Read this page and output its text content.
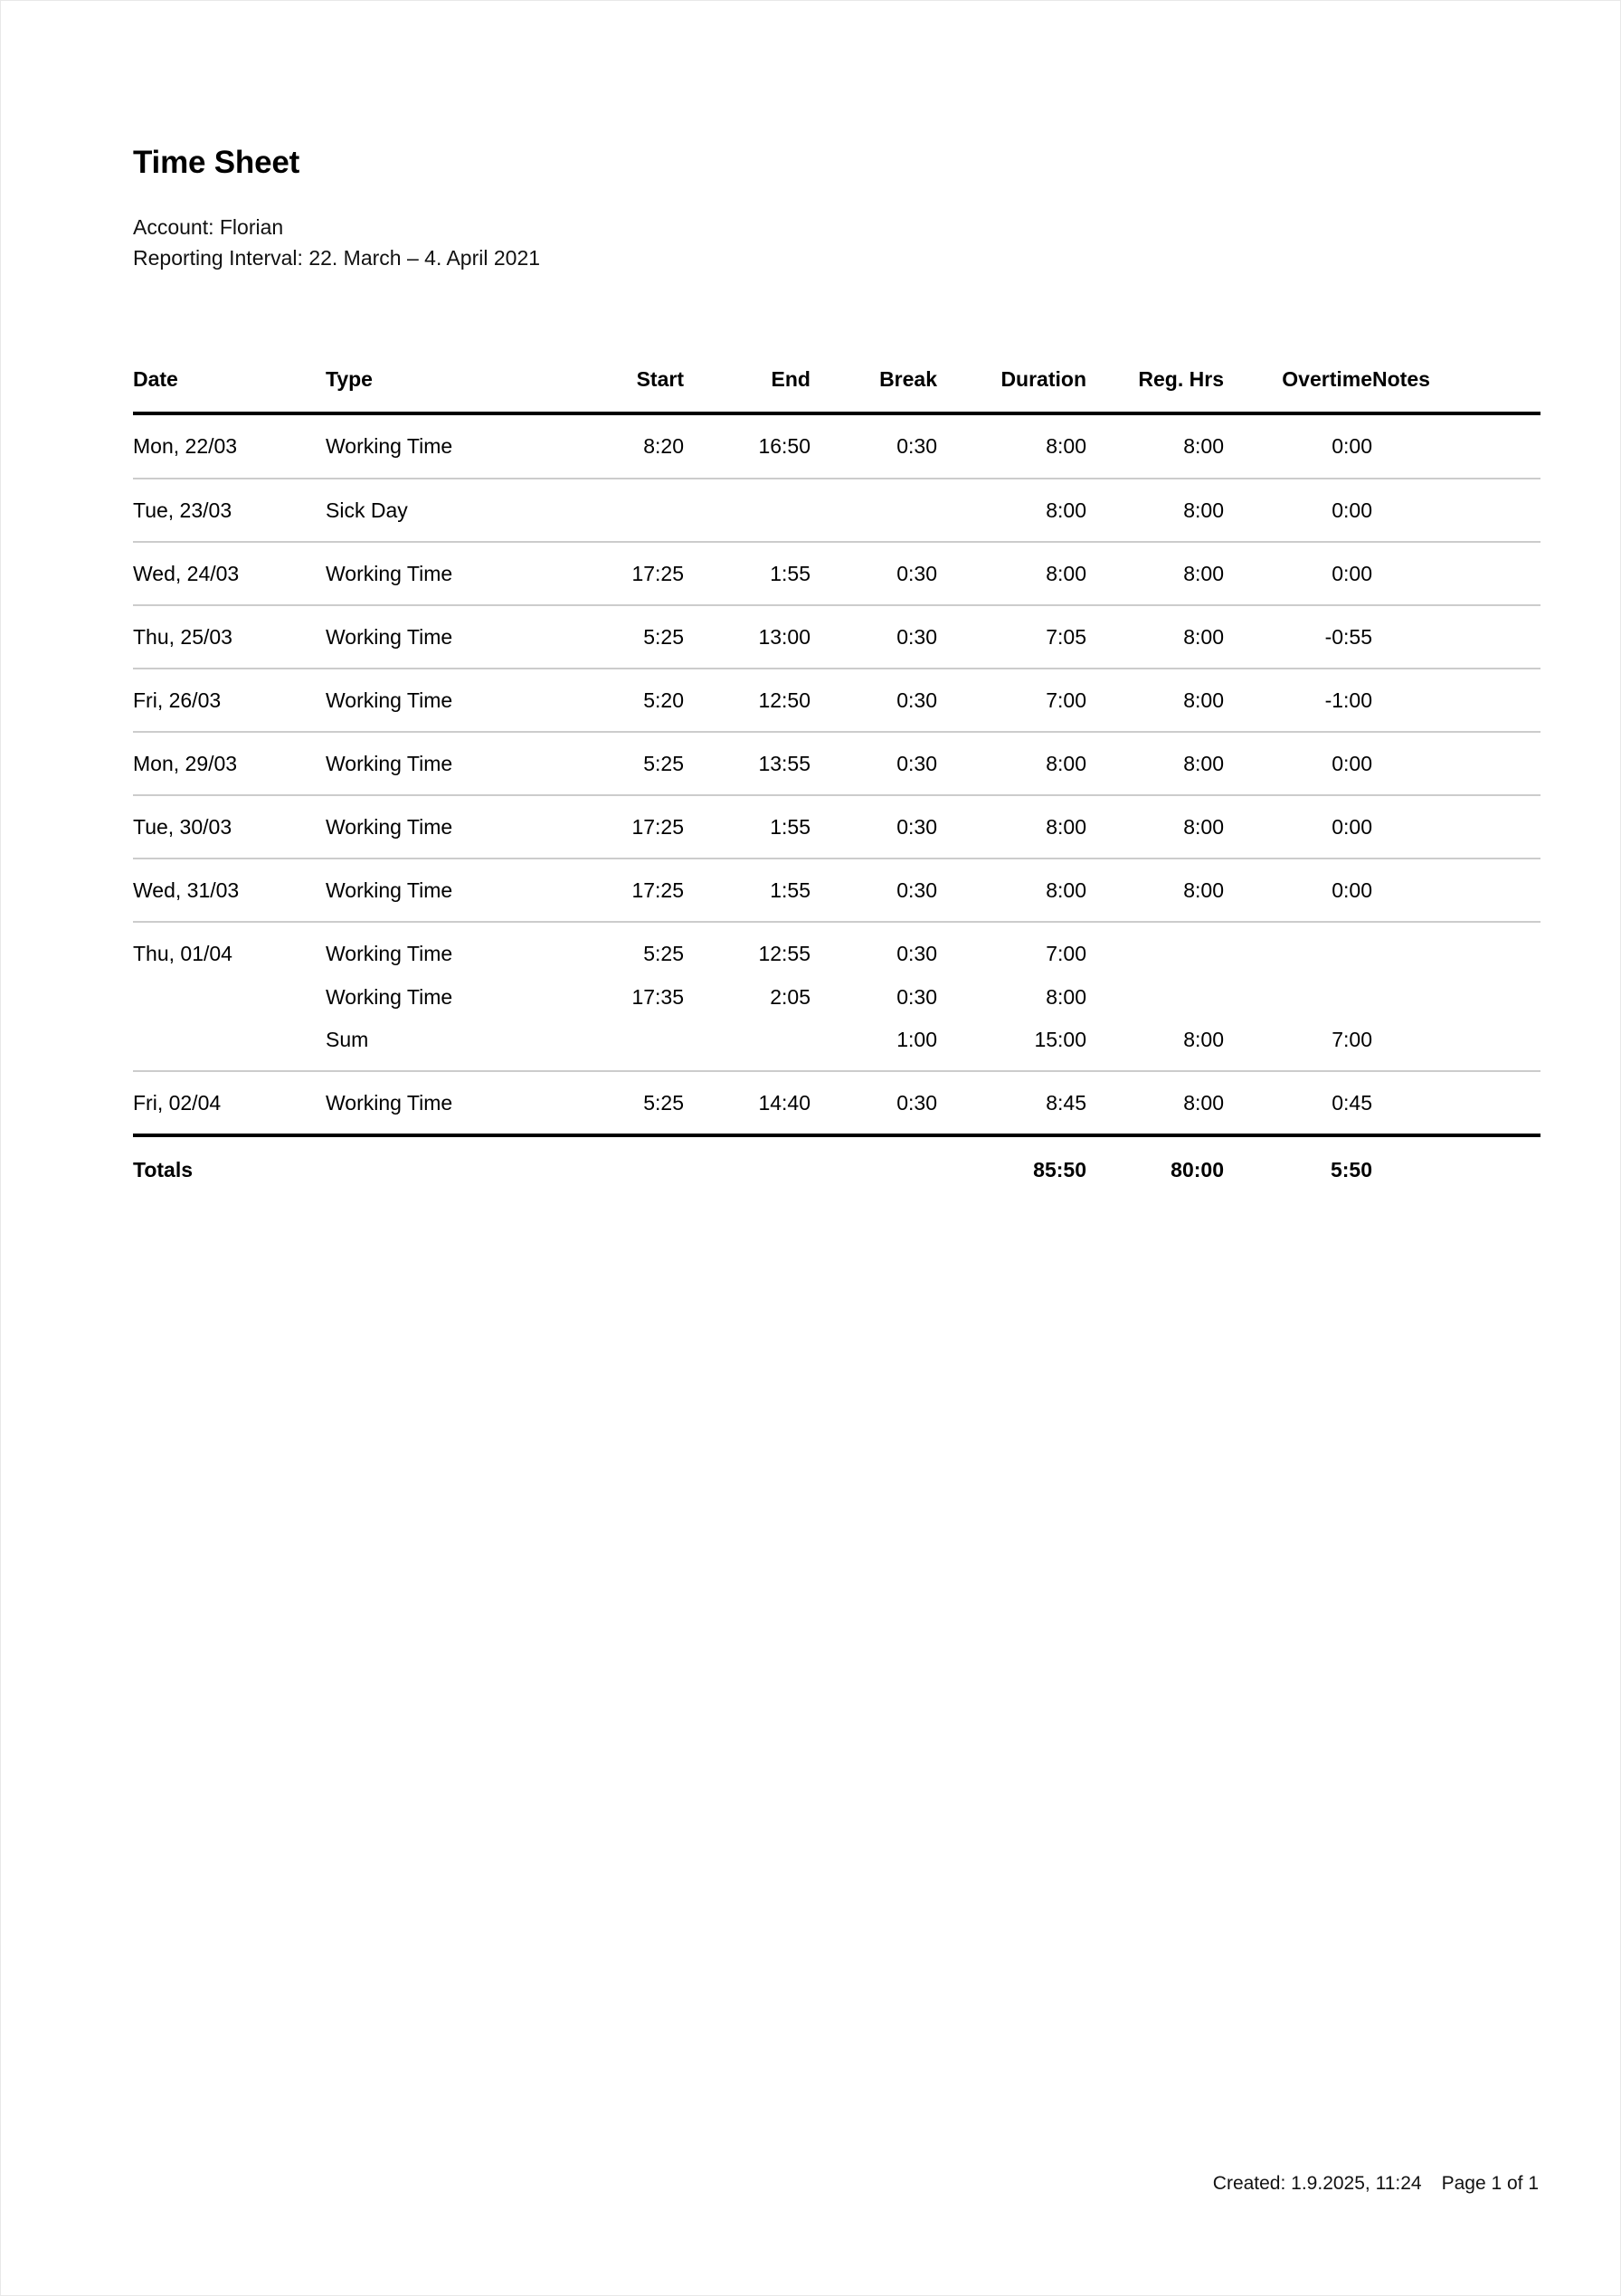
Time Sheet
Account: Florian
Reporting Interval: 22. March – 4. April 2021
Date	Type	Start	End	Break	Duration	Reg. Hrs	Overtime	Notes
Mon, 22/03	Working Time	8:20	16:50	0:30	8:00	8:00	0:00	
Tue, 23/03	Sick Day				8:00	8:00	0:00	
Wed, 24/03	Working Time	17:25	1:55	0:30	8:00	8:00	0:00	
Thu, 25/03	Working Time	5:25	13:00	0:30	7:05	8:00	-0:55	
Fri, 26/03	Working Time	5:20	12:50	0:30	7:00	8:00	-1:00	
Mon, 29/03	Working Time	5:25	13:55	0:30	8:00	8:00	0:00	
Tue, 30/03	Working Time	17:25	1:55	0:30	8:00	8:00	0:00	
Wed, 31/03	Working Time	17:25	1:55	0:30	8:00	8:00	0:00	
Thu, 01/04	Working Time	5:25	12:55	0:30	7:00			
	Working Time	17:35	2:05	0:30	8:00			
	Sum			1:00	15:00	8:00	7:00	
Fri, 02/04	Working Time	5:25	14:40	0:30	8:45	8:00	0:45	
Totals					85:50	80:00	5:50	

Created: 1.9.2025, 11:24 Page 1 of 1
